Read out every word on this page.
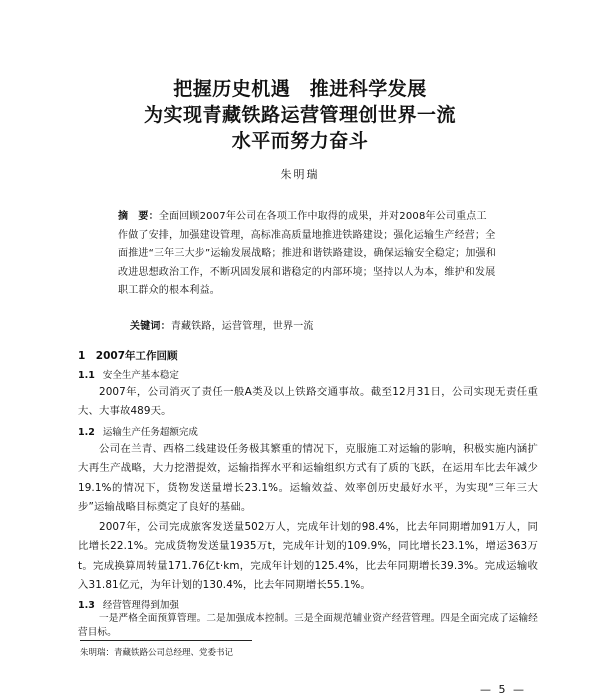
把握历史机遇　推进科学发展
为实现青藏铁路运营管理创世界一流
水平而努力奋斗
朱明瑞
摘　要：全面回顾2007年公司在各项工作中取得的成果，并对2008年公司重点工作做了安排，加强建设管理，高标准高质量地推进铁路建设；强化运输生产经营；全面推进“三年三大步”运输发展战略；推进和谐铁路建设，确保运输安全稳定；加强和改进思想政治工作，不断巩固发展和谐稳定的内部环境；坚持以人为本，维护和发展职工群众的根本利益。
关键词：青藏铁路，运营管理，世界一流
1　2007年工作回顾
1.1 安全生产基本稳定
2007年，公司消灭了责任一般A类及以上铁路交通事故。截至12月31日，公司实现无责任重大、大事故489天。
1.2 运输生产任务超额完成
公司在兰青、西格二线建设任务极其繁重的情况下，克服施工对运输的影响，积极实施内涵扩大再生产战略，大力挖潜提效，运输指挥水平和运输组织方式有了质的飞跃，在运用车比去年减少19.1%的情况下，货物发送量增长23.1%。运输效益、效率创历史最好水平，为实现“三年三大步”运输战略目标奠定了良好的基础。
2007年，公司完成旅客发送量502万人，完成年计划的98.4%，比去年同期增加91万人，同比增长22.1%。完成货物发送量1935万t，完成年计划的109.9%，同比增长23.1%，增运363万t。完成换算周转量171.76亿t·km，完成年计划的125.4%，比去年同期增长39.3%。完成运输收入31.81亿元，为年计划的130.4%，比去年同期增长55.1%。
1.3 经营管理得到加强
一是严格全面预算管理。二是加强成本控制。三是全面规范辅业资产经营管理。四是全面完成了运输经营目标。
朱明瑞：青藏铁路公司总经理、党委书记
— 5 —
